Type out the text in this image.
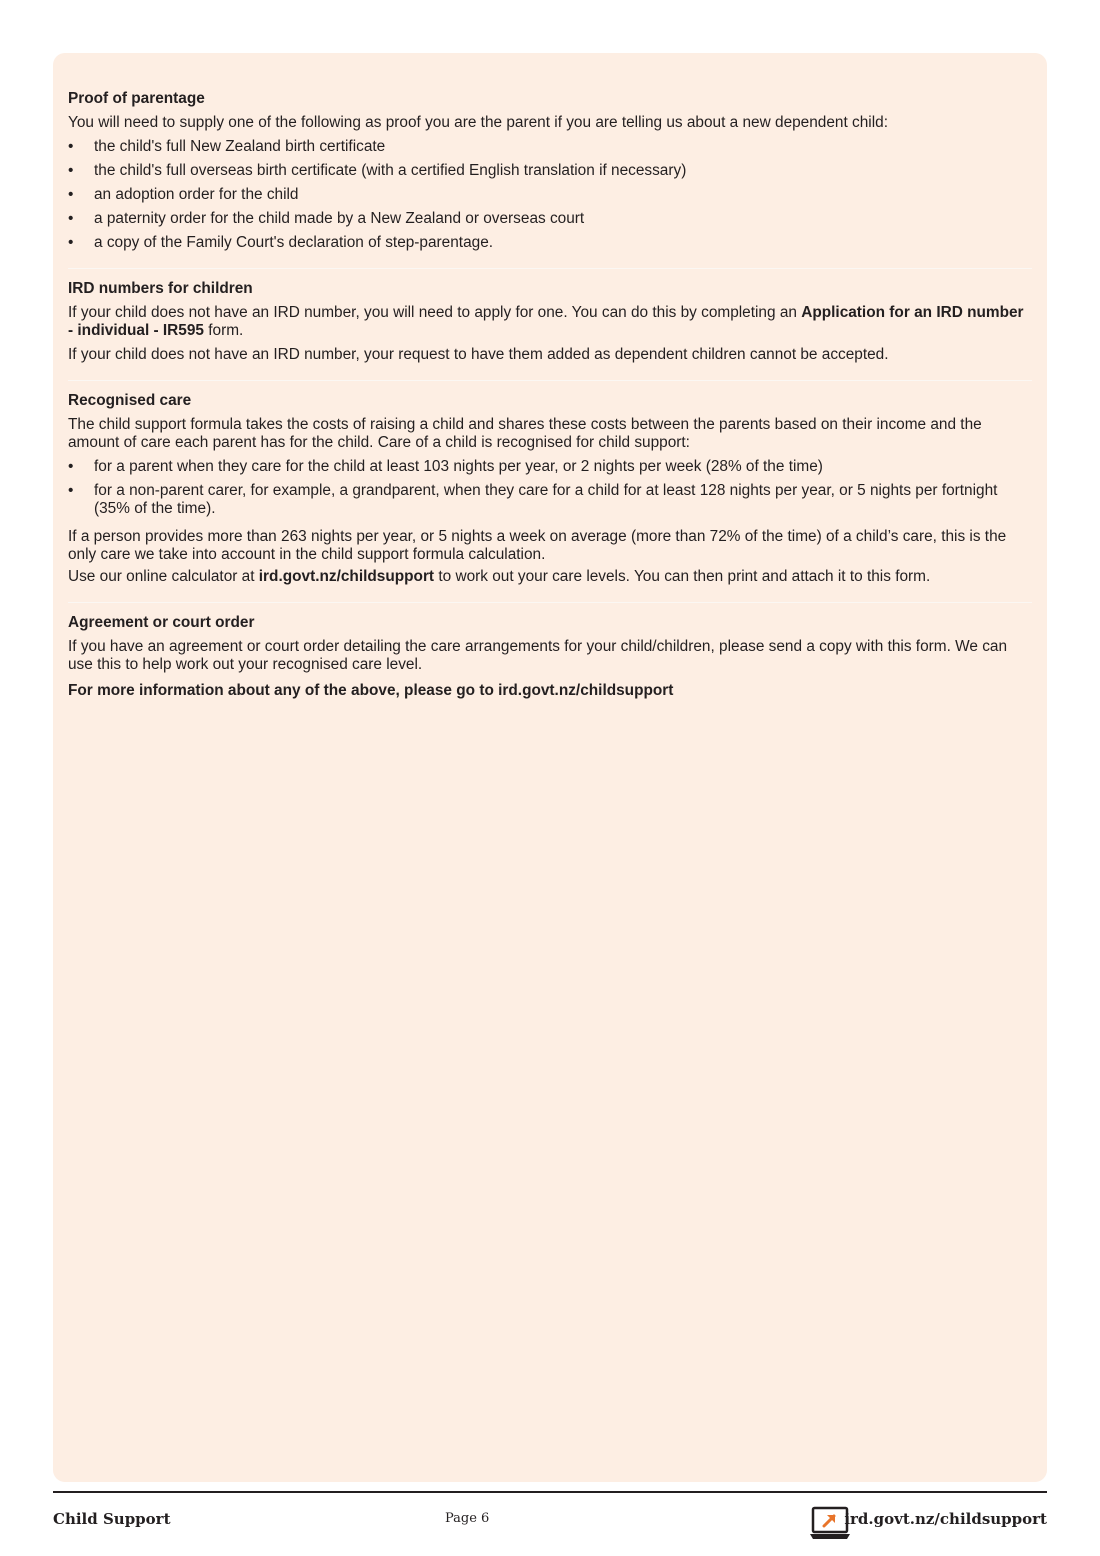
Proof of parentage

You will need to supply one of the following as proof you are the parent if you are telling us about a new dependent child:

• the child's full New Zealand birth certificate
• the child's full overseas birth certificate (with a certified English translation if necessary)
• an adoption order for the child
• a paternity order for the child made by a New Zealand or overseas court
• a copy of the Family Court's declaration of step-parentage.

IRD numbers for children

If your child does not have an IRD number, you will need to apply for one. You can do this by completing an Application for an IRD number - individual - IR595 form.

If your child does not have an IRD number, your request to have them added as dependent children cannot be accepted.

Recognised care

The child support formula takes the costs of raising a child and shares these costs between the parents based on their income and the amount of care each parent has for the child. Care of a child is recognised for child support:

• for a parent when they care for the child at least 103 nights per year, or 2 nights per week (28% of the time)
• for a non-parent carer, for example, a grandparent, when they care for a child for at least 128 nights per year, or 5 nights per fortnight (35% of the time).

If a person provides more than 263 nights per year, or 5 nights a week on average (more than 72% of the time) of a child’s care, this is the only care we take into account in the child support formula calculation.

Use our online calculator at ird.govt.nz/childsupport to work out your care levels. You can then print and attach it to this form.

Agreement or court order

If you have an agreement or court order detailing the care arrangements for your child/children, please send a copy with this form. We can use this to help work out your recognised care level.

For more information about any of the above, please go to ird.govt.nz/childsupport

Child Support	Page 6	ird.govt.nz/childsupport
